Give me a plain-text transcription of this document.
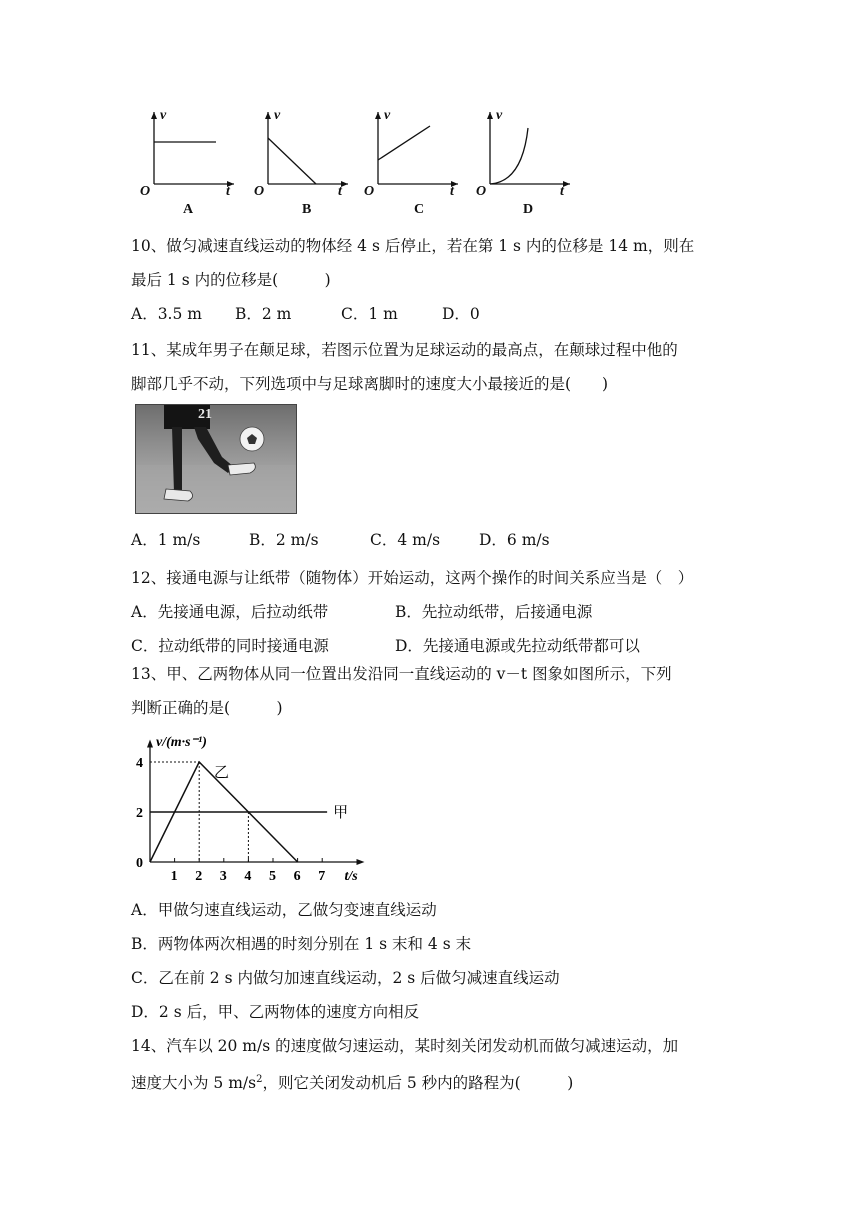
v
t
O
A
v
t
O
B
v
t
O
C
v
t
O
D
10、做匀减速直线运动的物体经 4 s 后停止，若在第 1 s 内的位移是 14 m，则在
最后 1 s 内的位移是(　　　)
A．3.5 m B．2 m	C．1 m	D．0
11、某成年男子在颠足球，若图示位置为足球运动的最高点，在颠球过程中他的
脚部几乎不动，下列选项中与足球离脚时的速度大小最接近的是(　　)
21
A．1 m/s	B．2 m/s	C．4 m/s	D．6 m/s
12、接通电源与让纸带（随物体）开始运动，这两个操作的时间关系应当是（　）
A．先接通电源，后拉动纸带	B．先拉动纸带，后接通电源
C．拉动纸带的同时接通电源	D．先接通电源或先拉动纸带都可以
13、甲、乙两物体从同一位置出发沿同一直线运动的 v－t 图象如图所示，下列
判断正确的是(　　　)
甲
乙
v/(m·s⁻¹)
t/s
1 2 3 4 5 6 7
0
2
4
A．甲做匀速直线运动，乙做匀变速直线运动
B．两物体两次相遇的时刻分别在 1 s 末和 4 s 末
C．乙在前 2 s 内做匀加速直线运动，2 s 后做匀减速直线运动
D．2 s 后，甲、乙两物体的速度方向相反
14、汽车以 20 m/s 的速度做匀速运动，某时刻关闭发动机而做匀减速运动，加
速度大小为 5 $m/s^2$，则它关闭发动机后 5 秒内的路程为(　　　)
